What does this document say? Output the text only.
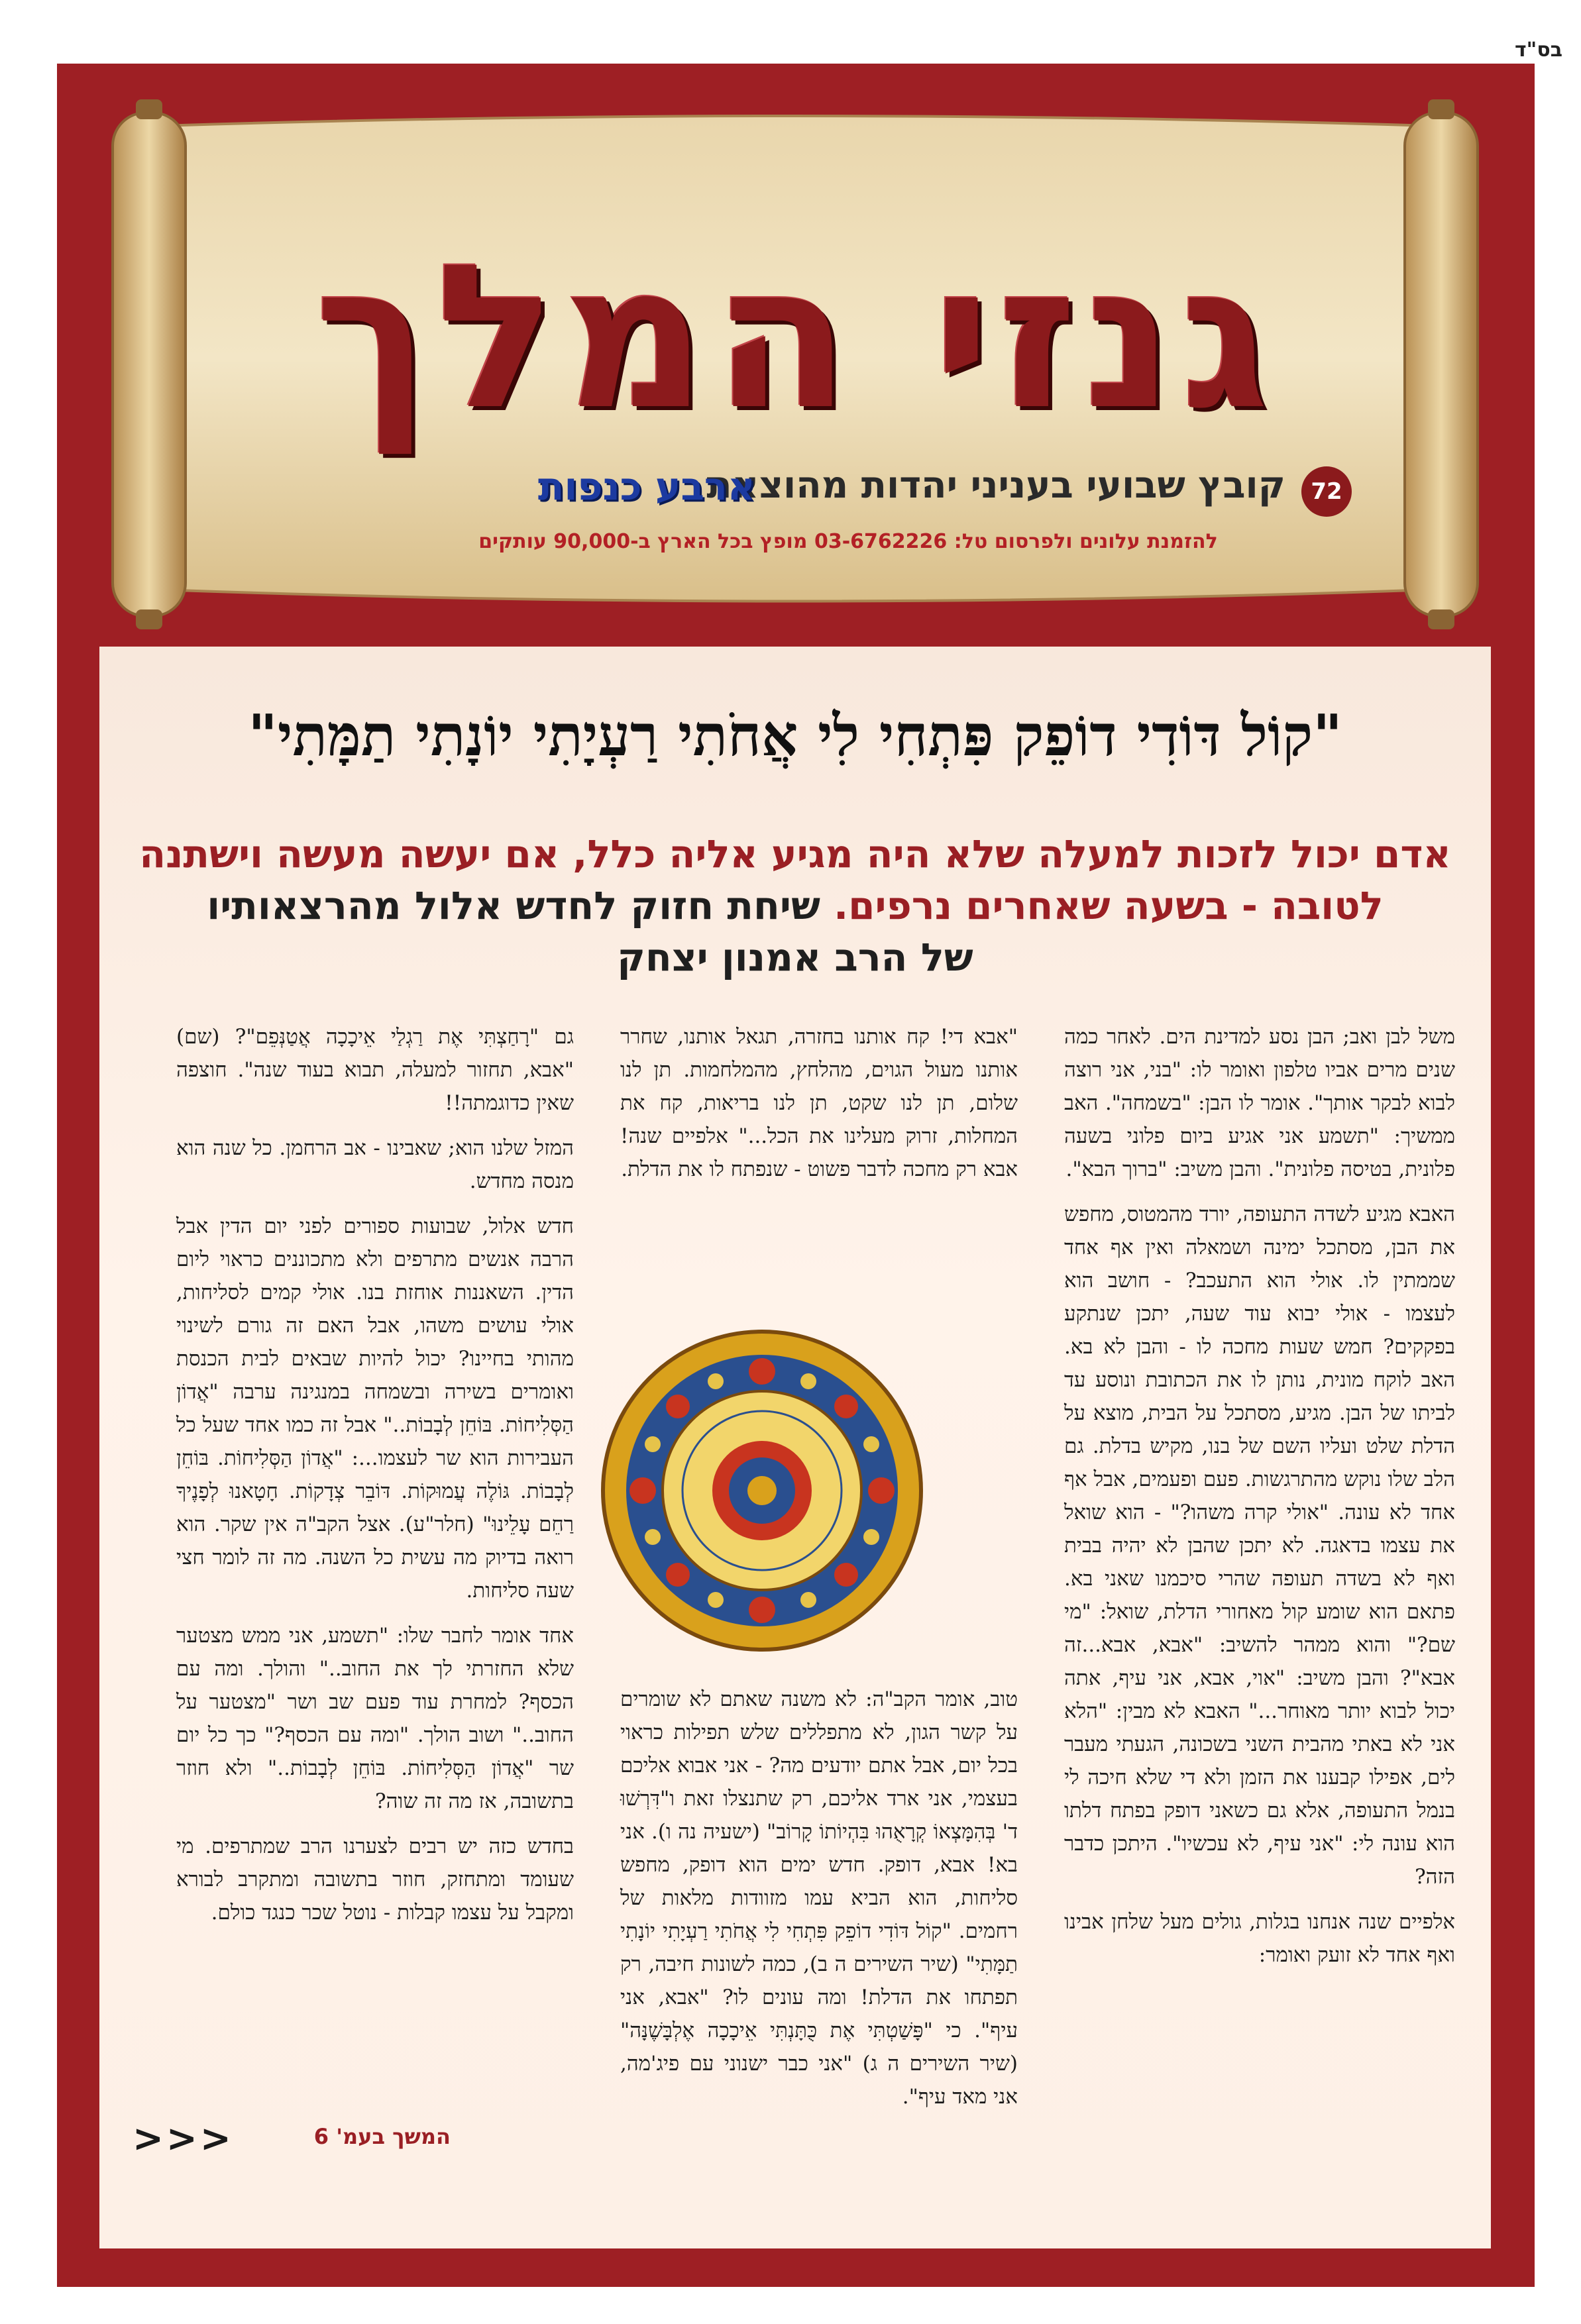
בס"ד
גנזי המלך
72
קובץ שבועי בעניני יהדות מהוצאת
ארבע כנפות
להזמנת עלונים ולפרסום טל: 03-6762226 מופץ בכל הארץ ב-90,000 עותקים
"קוֹל דּוֹדִי דוֹפֵק פִּתְחִי לִי אֲחֹתִי רַעְיָתִי יוֹנָתִי תַמָּתִי"
אדם יכול לזכות למעלה שלא היה מגיע אליה כלל, אם יעשה מעשה וישתנה
לטובה - בשעה שאחרים נרפים. שיחת חזוק לחדש אלול מהרצאותיו
של הרב אמנון יצחק

משל לבן ואב; הבן נסע למדינת הים. לאחר כמה שנים מרים אביו טלפון ואומר לו: "בני, אני רוצה לבוא לבקר אותך". אומר לו הבן: "בשמחה". האב ממשיך: "תשמע אני אגיע ביום פלוני בשעה פלונית, בטיסה פלונית". והבן משיב: "ברוך הבא".

האבא מגיע לשדה התעופה, יורד מהמטוס, מחפש את הבן, מסתכל ימינה ושמאלה ואין אף אחד שממתין לו. אולי הוא התעכב? - חושב הוא לעצמו - אולי יבוא עוד שעה, יתכן שנתקע בפקקים? חמש שעות מחכה לו - והבן לא בא. האב לוקח מונית, נותן לו את הכתובת ונוסע עד לביתו של הבן. מגיע, מסתכל על הבית, מוצא על הדלת שלט ועליו השם של בנו, מקיש בדלת. גם הלב שלו נוקש מהתרגשות. פעם ופעמים, אבל אף אחד לא עונה. "אולי קרה משהו?" - הוא שואל את עצמו בדאגה. לא יתכן שהבן לא יהיה בבית ואף לא בשדה תעופה שהרי סיכמנו שאני בא. פתאם הוא שומע קול מאחורי הדלת, שואל: "מי שם?" והוא ממהר להשיב: "אבא, אבא...זה אבא"? והבן משיב: "אוי, אבא, אני עיף, אתה יכול לבוא יותר מאוחר..." האבא לא מבין: "הלא אני לא באתי מהבית השני בשכונה, הגעתי מעבר לים, אפילו קבענו את הזמן ולא די שלא חיכה לי בנמל התעופה, אלא גם כשאני דופק בפתח דלתו הוא עונה לי: "אני עיף, לא עכשיו". היתכן כדבר הזה?

אלפיים שנה אנחנו בגלות, גולים מעל שלחן אבינו ואף אחד לא זועק ואומר:

"אבא די! קח אותנו בחזרה, תגאל אותנו, שחרר אותנו מעול הגוים, מהלחץ, מהמלחמות. תן לנו שלום, תן לנו שקט, תן לנו בריאות, קח את המחלות, זרוק מעלינו את הכל..." אלפיים שנה! אבא רק מחכה לדבר פשוט - שנפתח לו את הדלת.

טוב, אומר הקב"ה: לא משנה שאתם לא שומרים על קשר הגון, לא מתפללים שלש תפילות כראוי בכל יום, אבל אתם יודעים מה? - אני אבוא אליכם בעצמי, אני ארד אליכם, רק שתנצלו זאת ו"דִּרְשׁוּ ד' בְּהִמָּצְאוֹ קְרָאֻהוּ בִּהְיוֹתוֹ קָרוֹב" (ישעיה נה ו). אני בא! אבא, דופק. חדש ימים הוא דופק, מחפש סליחות, הוא הביא עמו מזוודות מלאות של רחמים. "קוֹל דּוֹדִי דוֹפֵק פִּתְחִי לִי אֲחֹתִי רַעְיָתִי יוֹנָתִי תַמָּתִי" (שיר השירים ה ב), כמה לשונות חיבה, רק תפתחו את הדלת! ומה עונים לו? "אבא, אני עיף". כי "פָּשַׁטְתִּי אֶת כֻּתָּנְתִּי אֵיכָכָה אֶלְבָּשֶׁנָּה" (שיר השירים ה ג) "אני כבר ישנוני עם פיג'מה, אני מאד עיף".

גם "רָחַצְתִּי אֶת רַגְלַי אֵיכָכָה אֲטַנְּפֵם"? (שם) "אבא, תחזור למעלה, תבוא בעוד שנה". חוצפה שאין כדוגמתה!!

המזל שלנו הוא; שאבינו - אב הרחמן. כל שנה הוא מנסה מחדש.

חדש אלול, שבועות ספורים לפני יום הדין אבל הרבה אנשים מתרפים ולא מתכוננים כראוי ליום הדין. השאננות אוחזת בנו. אולי קמים לסליחות, אולי עושים משהו, אבל האם זה גורם לשינוי מהותי בחיינו? יכול להיות שבאים לבית הכנסת ואומרים בשירה ובשמחה במנגינה ערבה "אֲדוֹן הַסְּלִיחוֹת. בּוֹחֵן לְבָבוֹת.." אבל זה כמו אחד שעל כל העבירות הוא שר לעצמו...: "אֲדוֹן הַסְּלִיחוֹת. בּוֹחֵן לְבָבוֹת. גּוֹלֶה עֲמוּקוֹת. דּוֹבֵר צְדָקוֹת. חָטָאנוּ לְפָנֶיךָ רַחֵם עָלֵינוּ" (חלר"ע). אצל הקב"ה אין שקר. הוא רואה בדיוק מה עשית כל השנה. מה זה לומר חצי שעה סליחות.

אחד אומר לחבר שלו: "תשמע, אני ממש מצטער שלא החזרתי לך את החוב.." והולך. ומה עם הכסף? למחרת עוד פעם שב ושר "מצטער על החוב.." ושוב הולך. "ומה עם הכסף?" כך כל יום שר "אֲדוֹן הַסְּלִיחוֹת. בּוֹחֵן לְבָבוֹת.." ולא חוזר בתשובה, אז מה זה שוה?

בחדש כזה יש רבים לצערנו הרב שמתרפים. מי שעומד ומתחזק, חוזר בתשובה ומתקרב לבורא ומקבל על עצמו קבלות - נוטל שכר כנגד כולם.

המשך בעמ' 6
<<<
